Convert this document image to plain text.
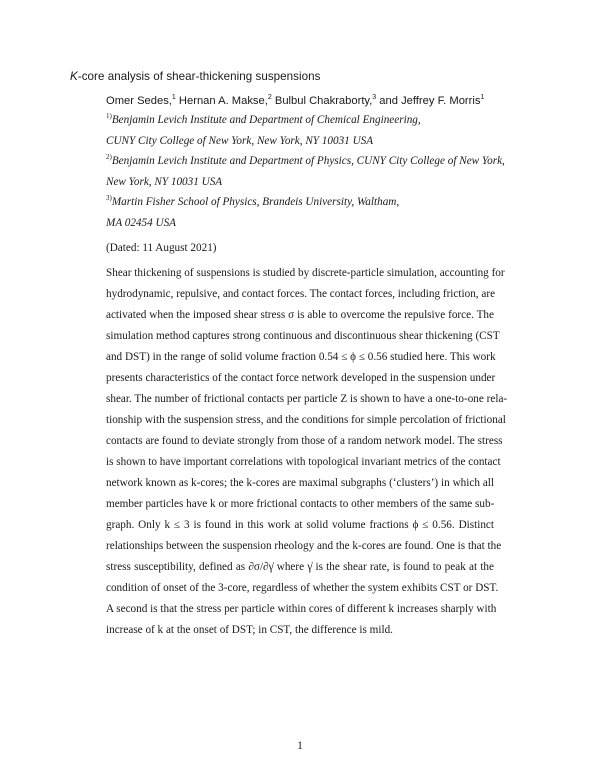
K-core analysis of shear-thickening suspensions
Omer Sedes,$^1$ Hernan A. Makse,$^2$ Bulbul Chakraborty,$^3$ and Jeffrey F. Morris$^1$
$^{1)}$Benjamin Levich Institute and Department of Chemical Engineering,
CUNY City College of New York, New York, NY 10031 USA
$^{2)}$Benjamin Levich Institute and Department of Physics, CUNY City College of New York,
New York, NY 10031 USA
$^{3)}$Martin Fisher School of Physics, Brandeis University, Waltham,
MA 02454 USA
(Dated: 11 August 2021)
Shear thickening of suspensions is studied by discrete-particle simulation, accounting for
hydrodynamic, repulsive, and contact forces. The contact forces, including friction, are
activated when the imposed shear stress σ is able to overcome the repulsive force. The
simulation method captures strong continuous and discontinuous shear thickening (CST
and DST) in the range of solid volume fraction 0.54 ≤ ϕ ≤ 0.56 studied here. This work
presents characteristics of the contact force network developed in the suspension under
shear. The number of frictional contacts per particle Z is shown to have a one-to-one rela-
tionship with the suspension stress, and the conditions for simple percolation of frictional
contacts are found to deviate strongly from those of a random network model. The stress
is shown to have important correlations with topological invariant metrics of the contact
network known as k-cores; the k-cores are maximal subgraphs (‘clusters’) in which all
member particles have k or more frictional contacts to other members of the same sub-
graph. Only k ≤ 3 is found in this work at solid volume fractions ϕ ≤ 0.56. Distinct
relationships between the suspension rheology and the k-cores are found. One is that the
stress susceptibility, defined as ∂σ/∂γ̇ where γ̇ is the shear rate, is found to peak at the
condition of onset of the 3-core, regardless of whether the system exhibits CST or DST.
A second is that the stress per particle within cores of different k increases sharply with
increase of k at the onset of DST; in CST, the difference is mild.
1
